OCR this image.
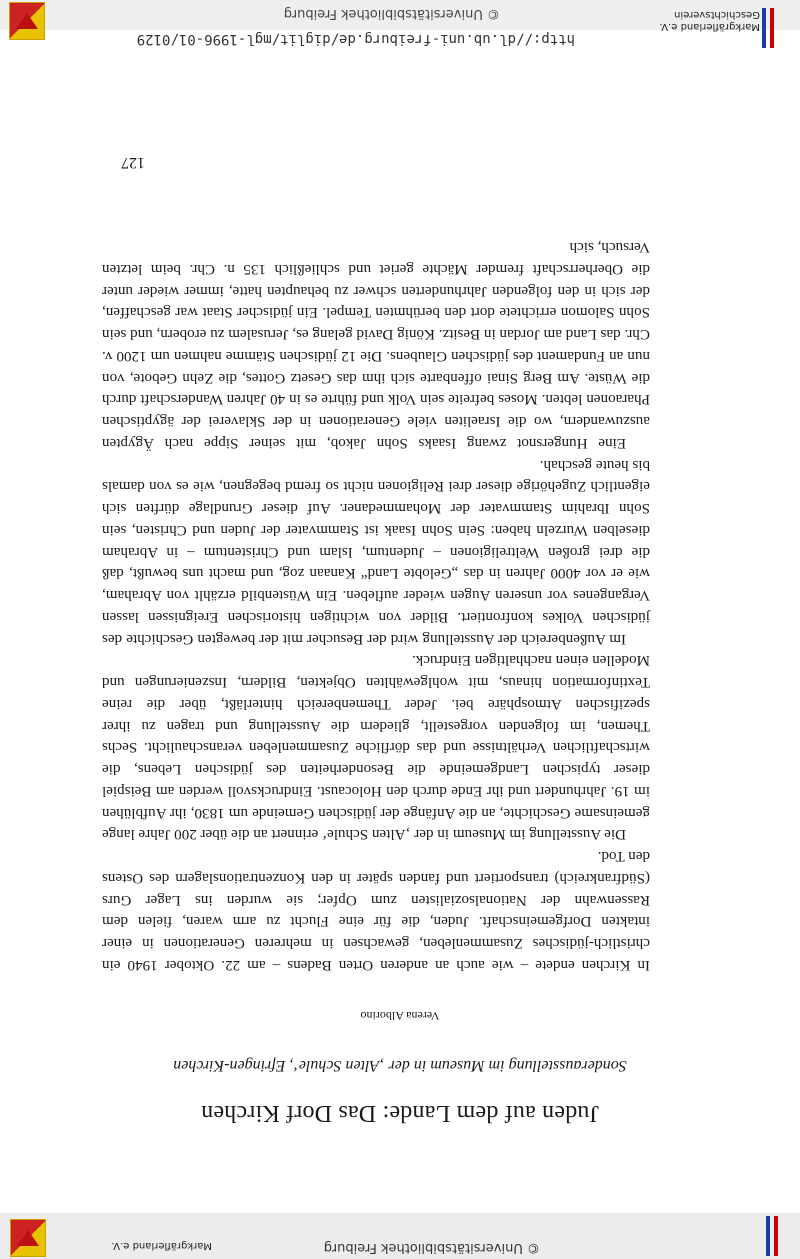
© Universitätsbibliothek Freiburg
Markgräflerland e.V.
Juden auf dem Lande: Das Dorf Kirchen
Sonderausstellung im Museum in der ‚Alten Schule‘, Efringen-Kirchen
Verena Alborino

In Kirchen endete – wie auch an anderen Orten Badens – am 22. Oktober 1940 ein christlich-jüdisches Zusammenleben, gewachsen in mehreren Generationen in einer intakten Dorfgemeinschaft. Juden, die für eine Flucht zu arm waren, fielen dem Rassenwahn der Nationalsozialisten zum Opfer; sie wurden ins Lager Gurs (Südfrankreich) transportiert und fanden später in den Konzentrationslagern des Ostens den Tod.

Die Ausstellung im Museum in der ‚Alten Schule‘ erinnert an die über 200 Jahre lange gemeinsame Geschichte, an die Anfänge der jüdischen Gemeinde um 1830, ihr Aufblühen im 19. Jahrhundert und ihr Ende durch den Holocaust. Eindrucksvoll werden am Beispiel dieser typischen Landgemeinde die Besonderheiten des jüdischen Lebens, die wirtschaftlichen Verhältnisse und das dörfliche Zusammenleben veranschaulicht. Sechs Themen, im folgenden vorgestellt, gliedern die Ausstellung und tragen zu ihrer spezifischen Atmosphäre bei. Jeder Themenbereich hinterläßt, über die reine Textinformation hinaus, mit wohlgewählten Objekten, Bildern, Inszenierungen und Modellen einen nachhaltigen Eindruck.

Im Außenbereich der Ausstellung wird der Besucher mit der bewegten Geschichte des jüdischen Volkes konfrontiert. Bilder von wichtigen historischen Ereignissen lassen Vergangenes vor unseren Augen wieder aufleben. Ein Wüstenbild erzählt von Abraham, wie er vor 4000 Jahren in das „Gelobte Land“ Kanaan zog, und macht uns bewußt, daß die drei großen Weltreligionen – Judentum, Islam und Christentum – in Abraham dieselben Wurzeln haben: Sein Sohn Isaak ist Stammvater der Juden und Christen, sein Sohn Ibrahim Stammvater der Mohammedaner. Auf dieser Grundlage dürften sich eigentlich Zugehörige dieser drei Religionen nicht so fremd begegnen, wie es von damals bis heute geschah.

Eine Hungersnot zwang Isaaks Sohn Jakob, mit seiner Sippe nach Ägypten auszuwandern, wo die Israeliten viele Generationen in der Sklaverei der ägyptischen Pharaonen lebten. Moses befreite sein Volk und führte es in 40 Jahren Wanderschaft durch die Wüste. Am Berg Sinai offenbarte sich ihm das Gesetz Gottes, die Zehn Gebote, von nun an Fundament des jüdischen Glaubens. Die 12 jüdischen Stämme nahmen um 1200 v. Chr. das Land am Jordan in Besitz. König David gelang es, Jerusalem zu erobern, und sein Sohn Salomon errichtete dort den berühmten Tempel. Ein jüdischer Staat war geschaffen, der sich in den folgenden Jahrhunderten schwer zu behaupten hatte, immer wieder unter die Oberherrschaft fremder Mächte geriet und schließlich 135 n. Chr. beim letzten Versuch, sich

127
© Universitätsbibliothek Freiburg
http://dl.ub.uni-freiburg.de/diglit/mgl-1996-01/0129
Markgräflerland e.V.
Geschichtsverein
